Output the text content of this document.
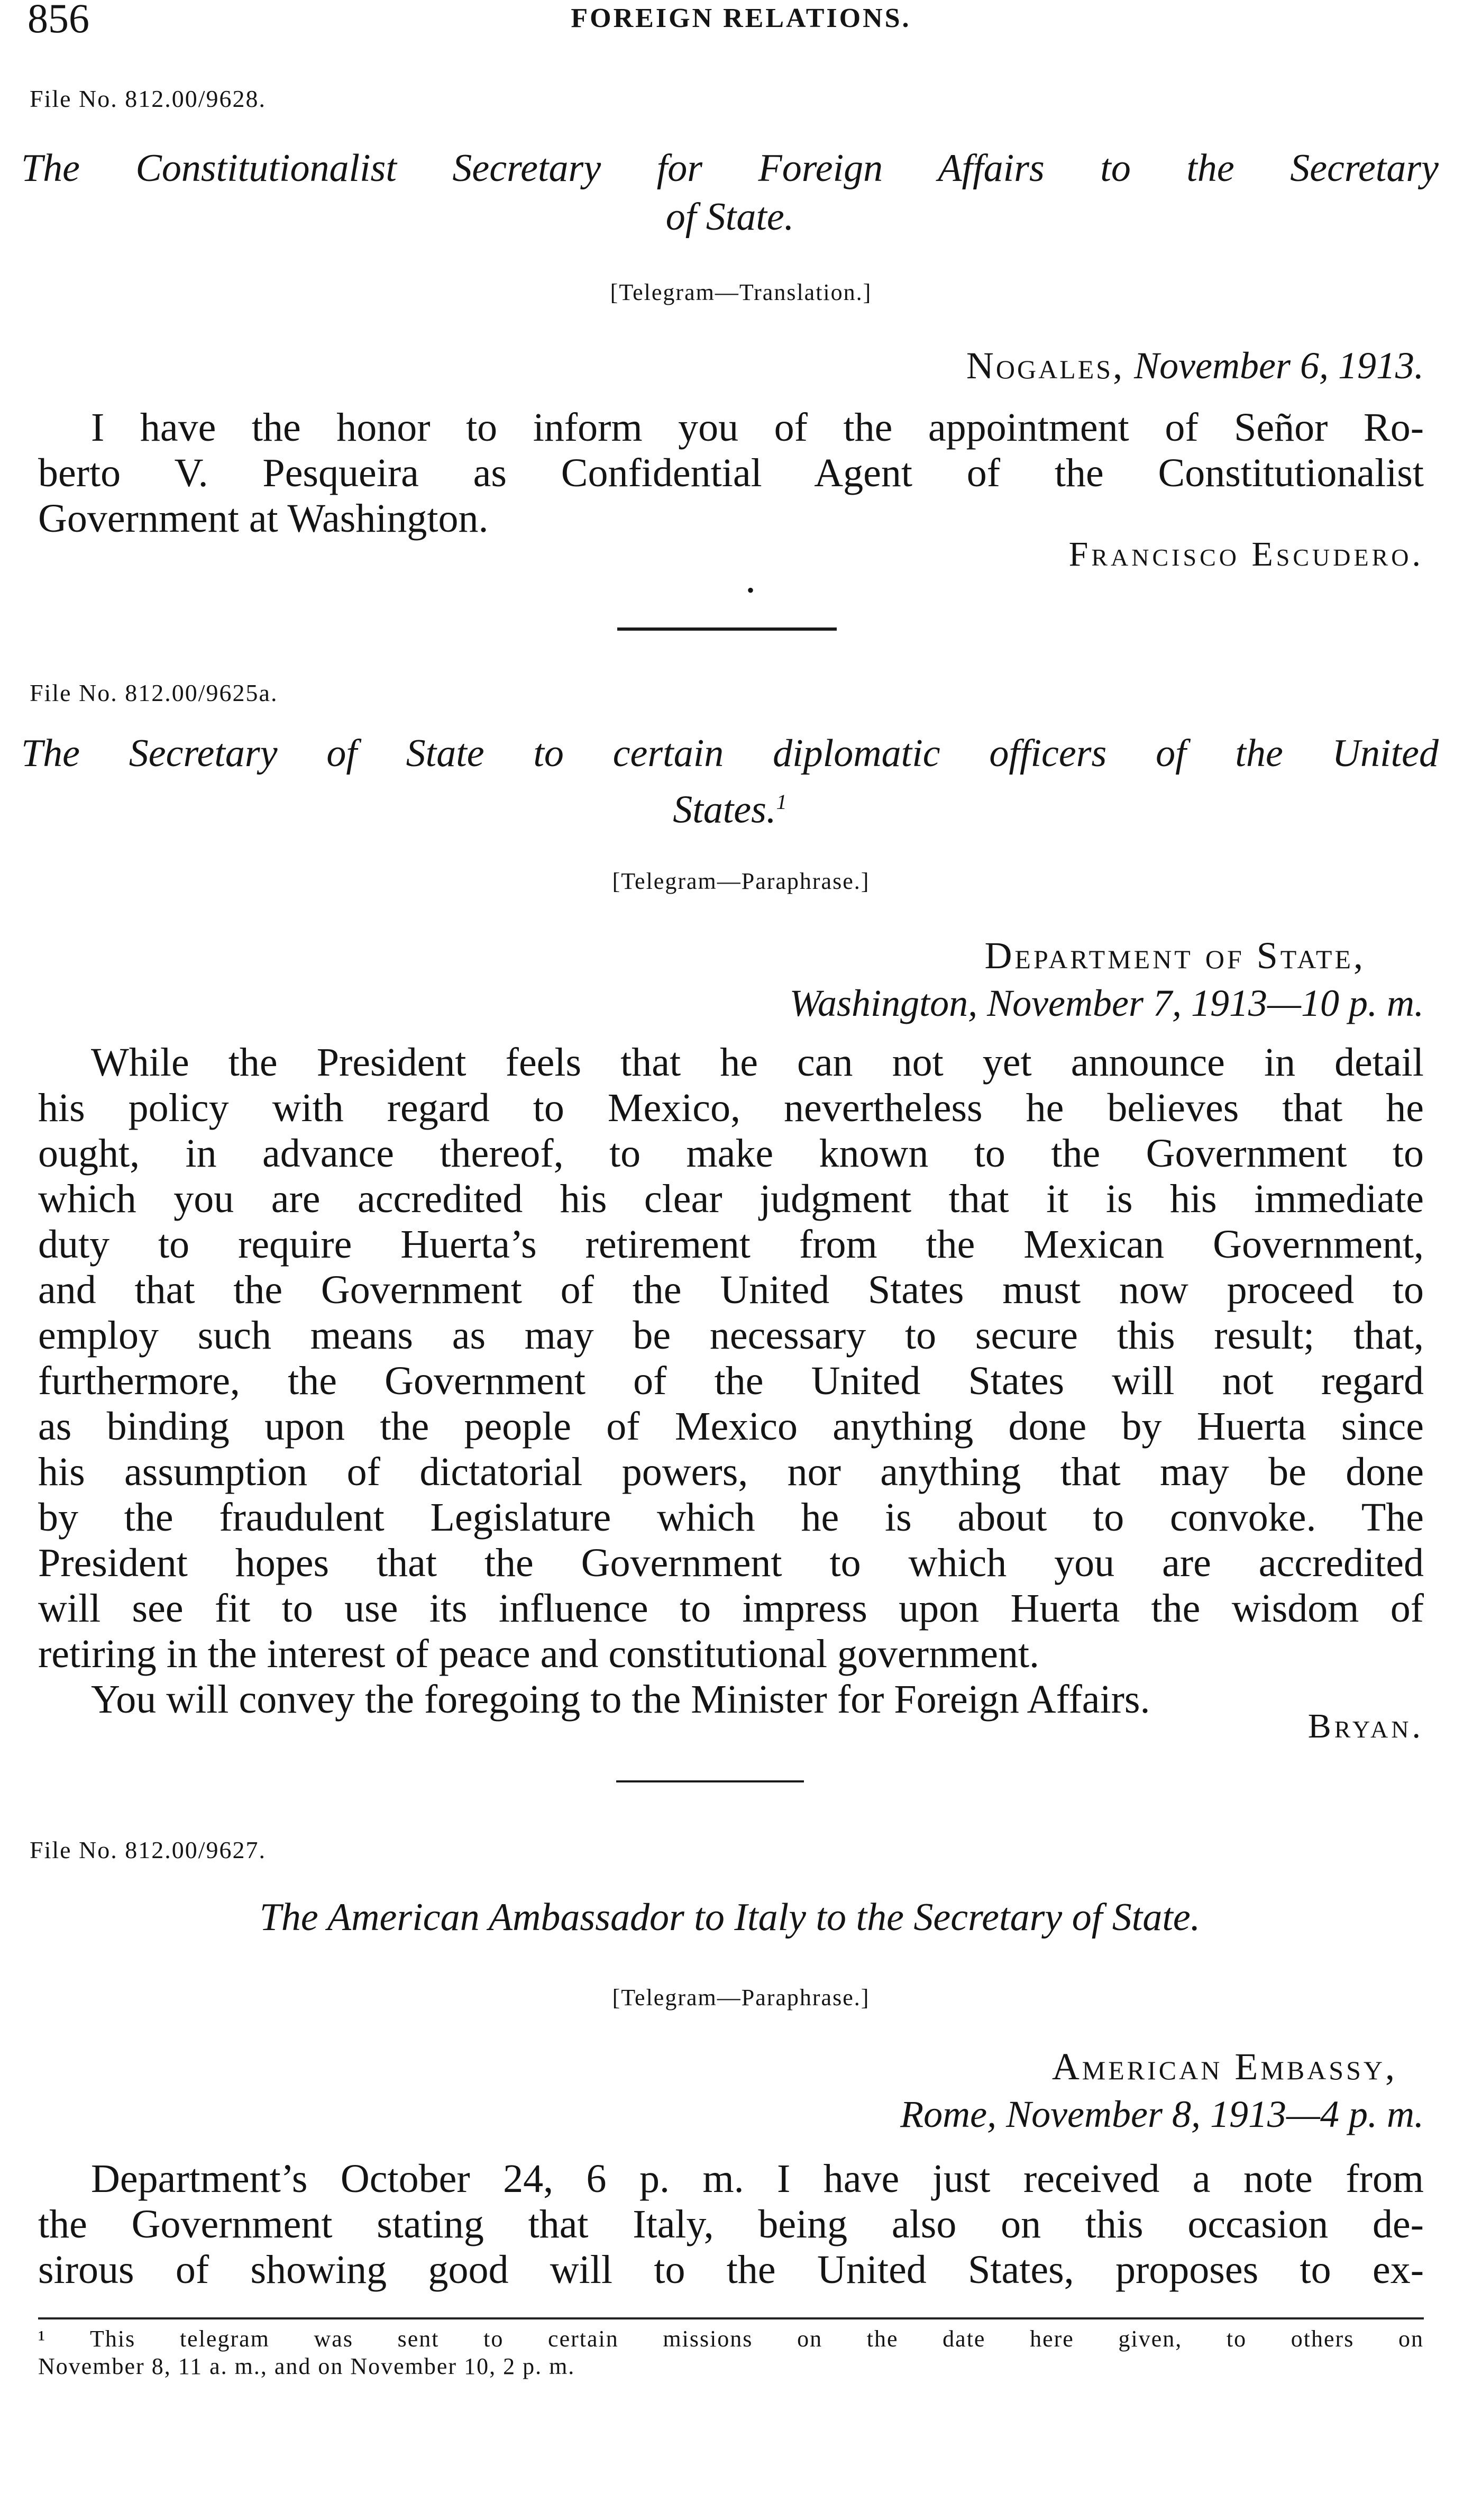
856	FOREIGN RELATIONS.
File No. 812.00/9628.
The Constitutionalist Secretary for Foreign Affairs to the Secretary
of State.
[Telegram—Translation.]
Nogales, November 6, 1913.
I have the honor to inform you of the appointment of Señor Ro-
berto V. Pesqueira as Confidential Agent of the Constitutionalist
Government at Washington.
Francisco Escudero.
•
File No. 812.00/9625a.
The Secretary of State to certain diplomatic officers of the United
States.$^1$
[Telegram—Paraphrase.]
Department of State,
Washington, November 7, 1913—10 p. m.
While the President feels that he can not yet announce in detail
his policy with regard to Mexico, nevertheless he believes that he
ought, in advance thereof, to make known to the Government to
which you are accredited his clear judgment that it is his immediate
duty to require Huerta’s retirement from the Mexican Government,
and that the Government of the United States must now proceed to
employ such means as may be necessary to secure this result; that,
furthermore, the Government of the United States will not regard
as binding upon the people of Mexico anything done by Huerta since
his assumption of dictatorial powers, nor anything that may be done
by the fraudulent Legislature which he is about to convoke. The
President hopes that the Government to which you are accredited
will see fit to use its influence to impress upon Huerta the wisdom of
retiring in the interest of peace and constitutional government.
You will convey the foregoing to the Minister for Foreign Affairs.
Bryan.
File No. 812.00/9627.
The American Ambassador to Italy to the Secretary of State.
[Telegram—Paraphrase.]
American Embassy,
Rome, November 8, 1913—4 p. m.
Department’s October 24, 6 p. m. I have just received a note from
the Government stating that Italy, being also on this occasion de-
sirous of showing good will to the United States, proposes to ex-
¹ This telegram was sent to certain missions on the date here given, to others on
November 8, 11 a. m., and on November 10, 2 p. m.
